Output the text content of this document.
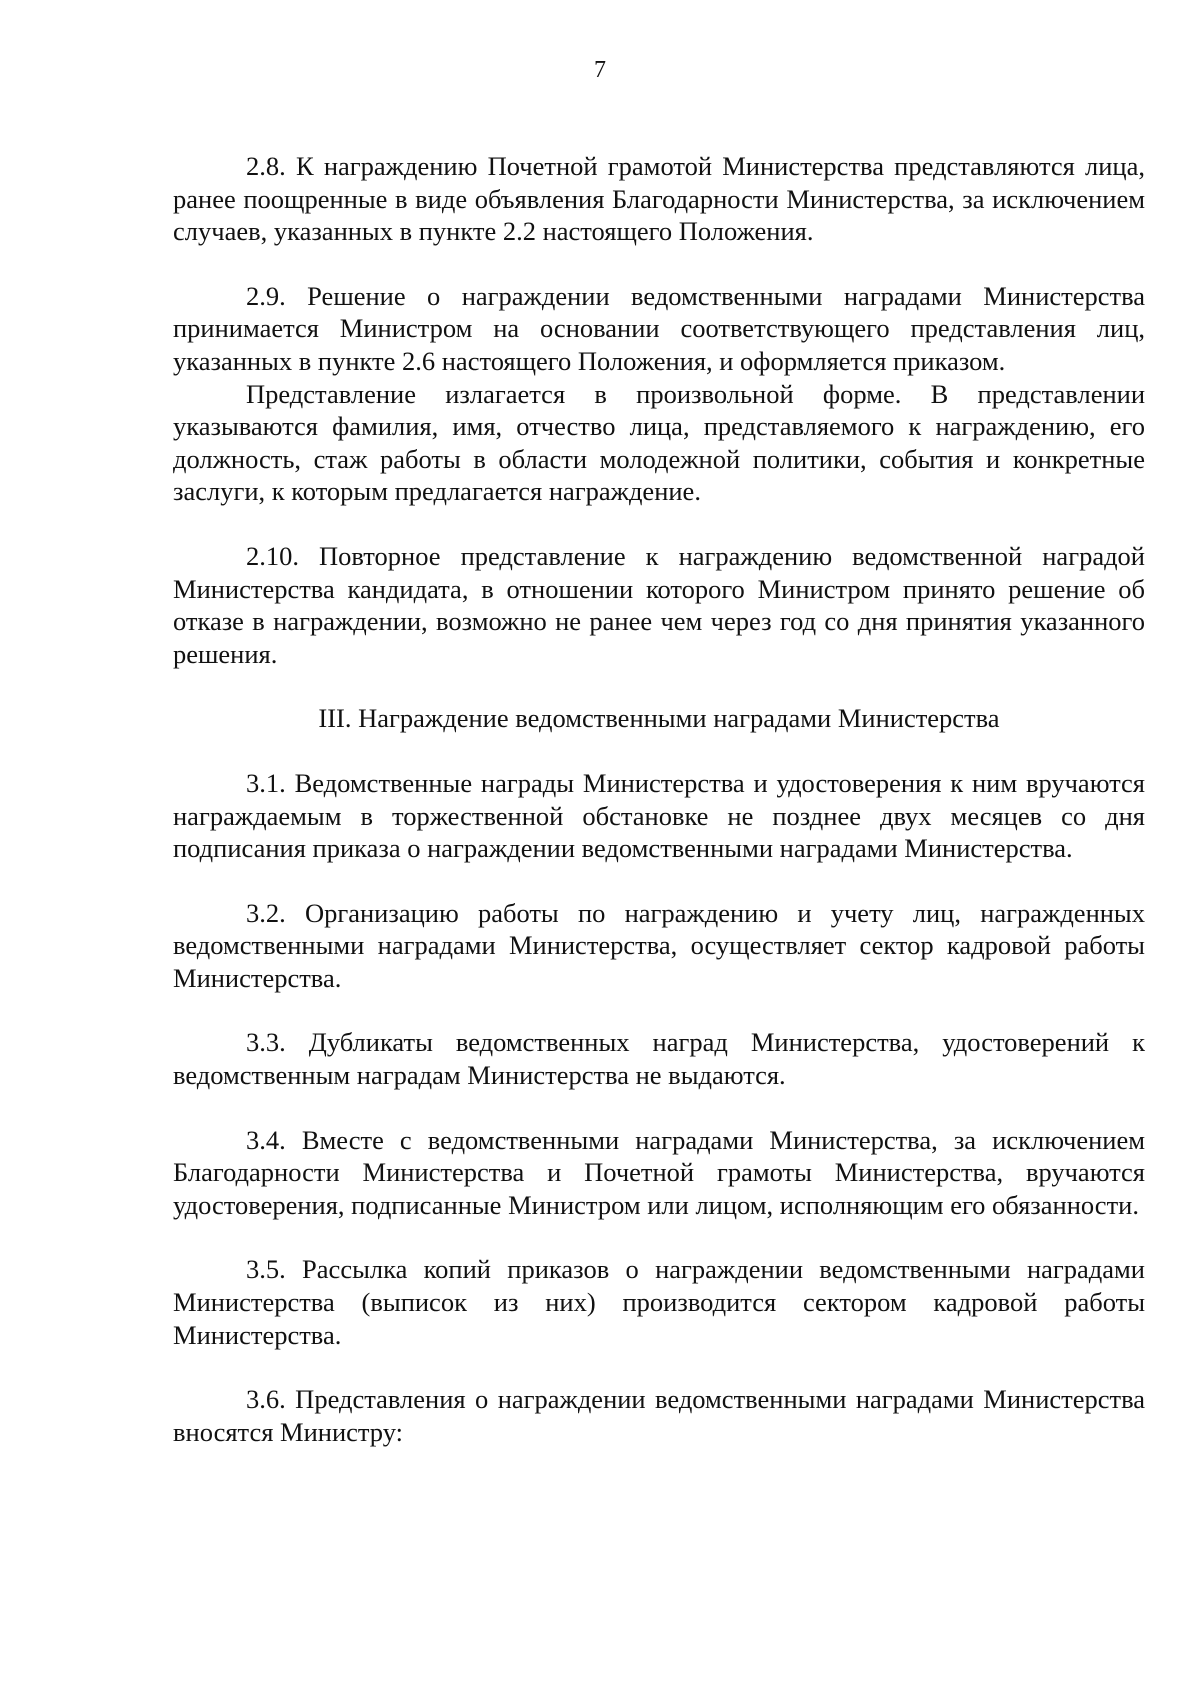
7

2.8. К награждению Почетной грамотой Министерства представляются лица, ранее поощренные в виде объявления Благодарности Министерства, за исключением случаев, указанных в пункте 2.2 настоящего Положения.

2.9. Решение о награждении ведомственными наградами Министерства принимается Министром на основании соответствующего представления лиц, указанных в пункте 2.6 настоящего Положения, и оформляется приказом.

Представление излагается в произвольной форме. В представлении указываются фамилия, имя, отчество лица, представляемого к награждению, его должность, стаж работы в области молодежной политики, события и конкретные заслуги, к которым предлагается награждение.

2.10. Повторное представление к награждению ведомственной наградой Министерства кандидата, в отношении которого Министром принято решение об отказе в награждении, возможно не ранее чем через год со дня принятия указанного решения.

III. Награждение ведомственными наградами Министерства

3.1. Ведомственные награды Министерства и удостоверения к ним вручаются награждаемым в торжественной обстановке не позднее двух месяцев со дня подписания приказа о награждении ведомственными наградами Министерства.

3.2. Организацию работы по награждению и учету лиц, награжденных ведомственными наградами Министерства, осуществляет сектор кадровой работы Министерства.

3.3. Дубликаты ведомственных наград Министерства, удостоверений к ведомственным наградам Министерства не выдаются.

3.4. Вместе с ведомственными наградами Министерства, за исключением Благодарности Министерства и Почетной грамоты Министерства, вручаются удостоверения, подписанные Министром или лицом, исполняющим его обязанности.

3.5. Рассылка копий приказов о награждении ведомственными наградами Министерства (выписок из них) производится сектором кадровой работы Министерства.

3.6. Представления о награждении ведомственными наградами Министерства вносятся Министру:
